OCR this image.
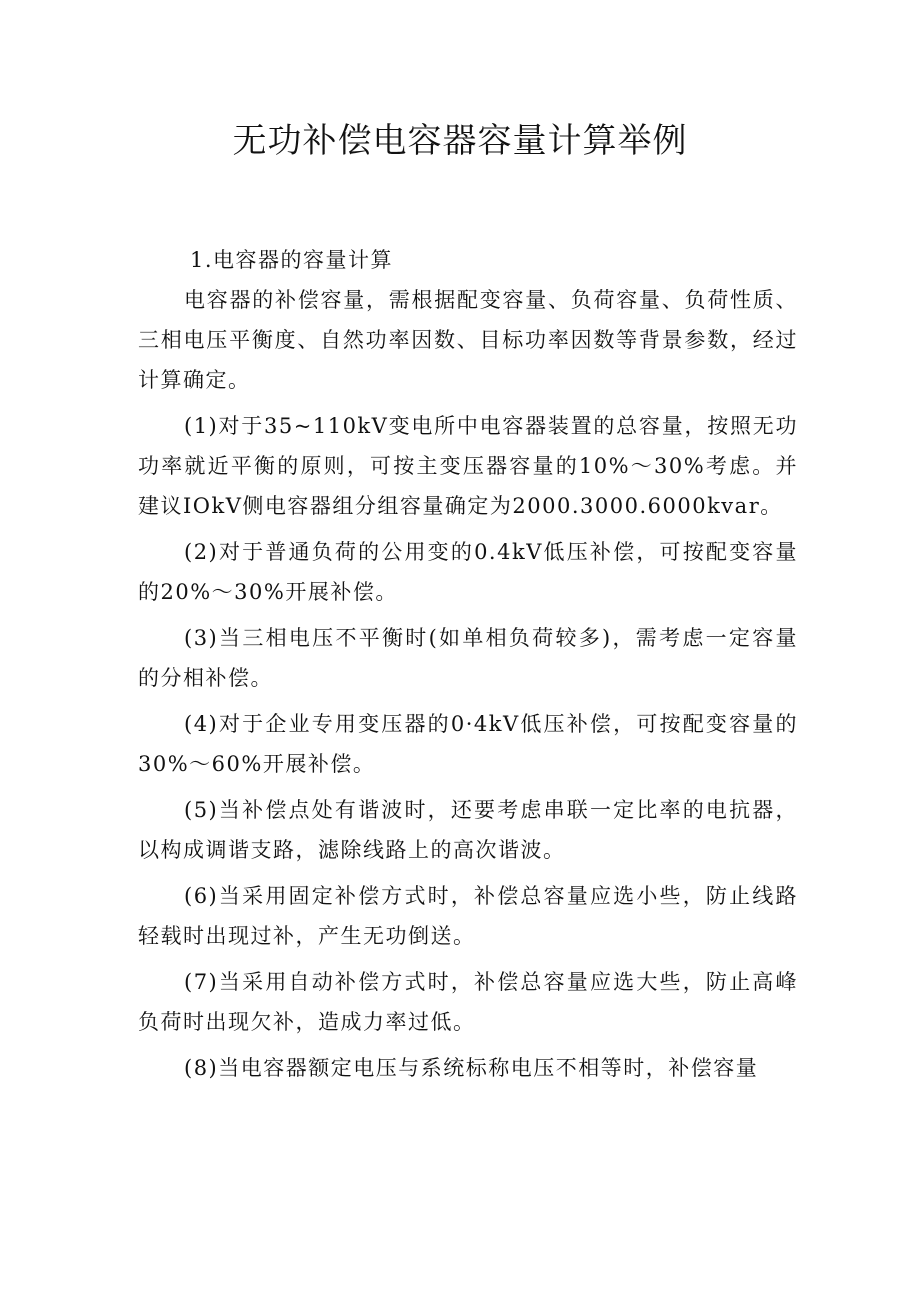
无功补偿电容器容量计算举例
1.电容器的容量计算

电容器的补偿容量，需根据配变容量、负荷容量、负荷性质、三相电压平衡度、自然功率因数、目标功率因数等背景参数，经过计算确定。

(1)对于35~110kV变电所中电容器装置的总容量，按照无功功率就近平衡的原则，可按主变压器容量的10%～30%考虑。并建议IOkV侧电容器组分组容量确定为2000.3000.6000kvar。

(2)对于普通负荷的公用变的0.4kV低压补偿，可按配变容量的20%～30%开展补偿。

(3)当三相电压不平衡时(如单相负荷较多)，需考虑一定容量的分相补偿。

(4)对于企业专用变压器的0·4kV低压补偿，可按配变容量的30%～60%开展补偿。

(5)当补偿点处有谐波时，还要考虑串联一定比率的电抗器，以构成调谐支路，滤除线路上的高次谐波。

(6)当采用固定补偿方式时，补偿总容量应选小些，防止线路轻载时出现过补，产生无功倒送。

(7)当采用自动补偿方式时，补偿总容量应选大些，防止高峰负荷时出现欠补，造成力率过低。

(8)当电容器额定电压与系统标称电压不相等时，补偿容量
